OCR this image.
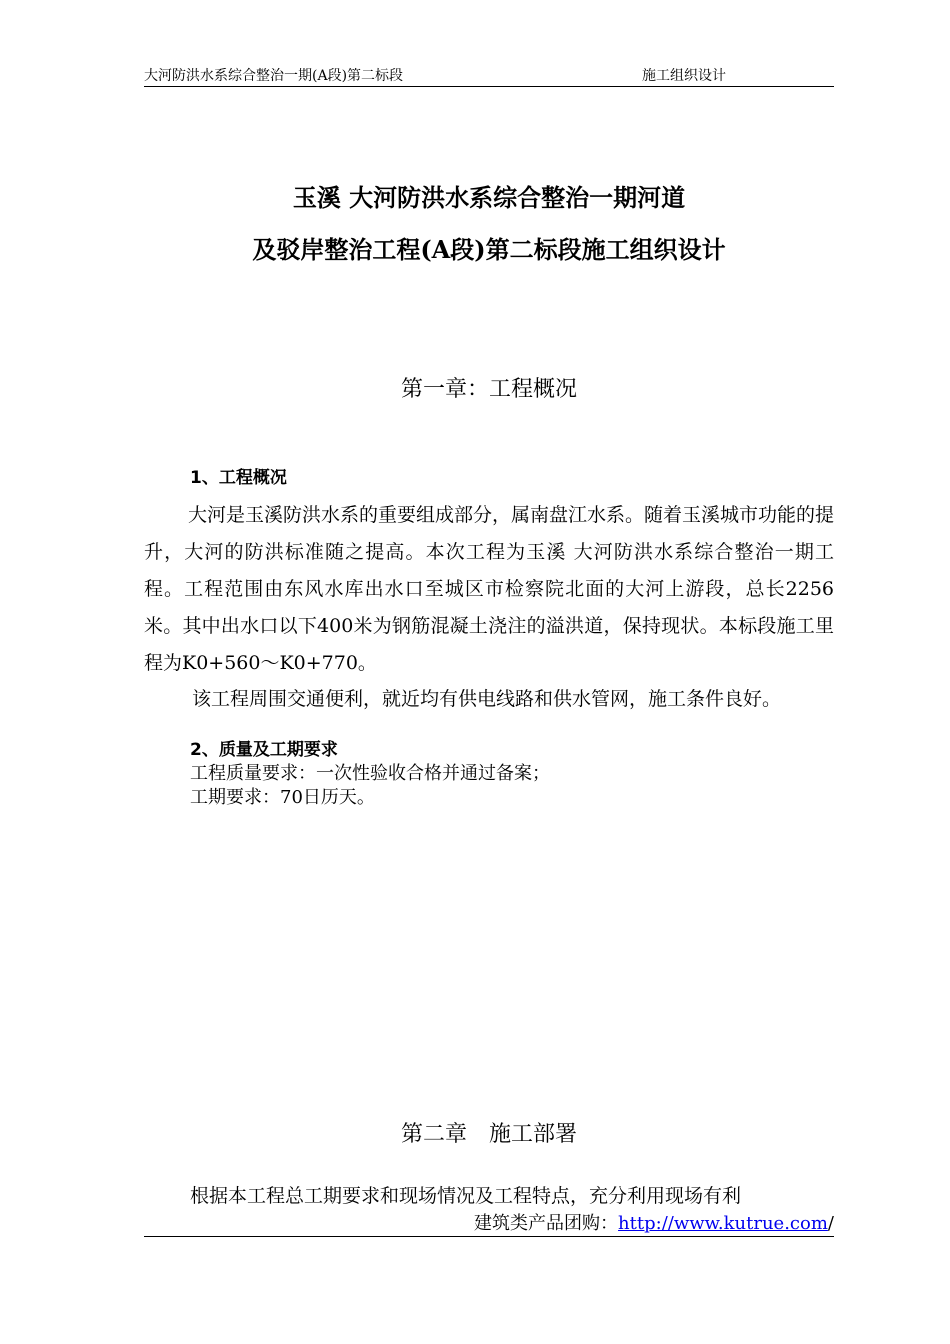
大河防洪水系综合整治一期(A段)第二标段	施工组织设计
玉溪 大河防洪水系综合整治一期河道
及驳岸整治工程(A段)第二标段施工组织设计
第一章：工程概况
1、工程概况
大河是玉溪防洪水系的重要组成部分，属南盘江水系。随着玉溪城市功能的提升，大河的防洪标准随之提高。本次工程为玉溪 大河防洪水系综合整治一期工程。工程范围由东风水库出水口至城区市检察院北面的大河上游段，总长2256米。其中出水口以下400米为钢筋混凝土浇注的溢洪道，保持现状。本标段施工里程为K0+560～K0+770。
该工程周围交通便利，就近均有供电线路和供水管网，施工条件良好。
2、质量及工期要求
工程质量要求：一次性验收合格并通过备案；
工期要求：70日历天。
第二章　施工部署
根据本工程总工期要求和现场情况及工程特点，充分利用现场有利
建筑类产品团购：http://www.kutrue.com/
